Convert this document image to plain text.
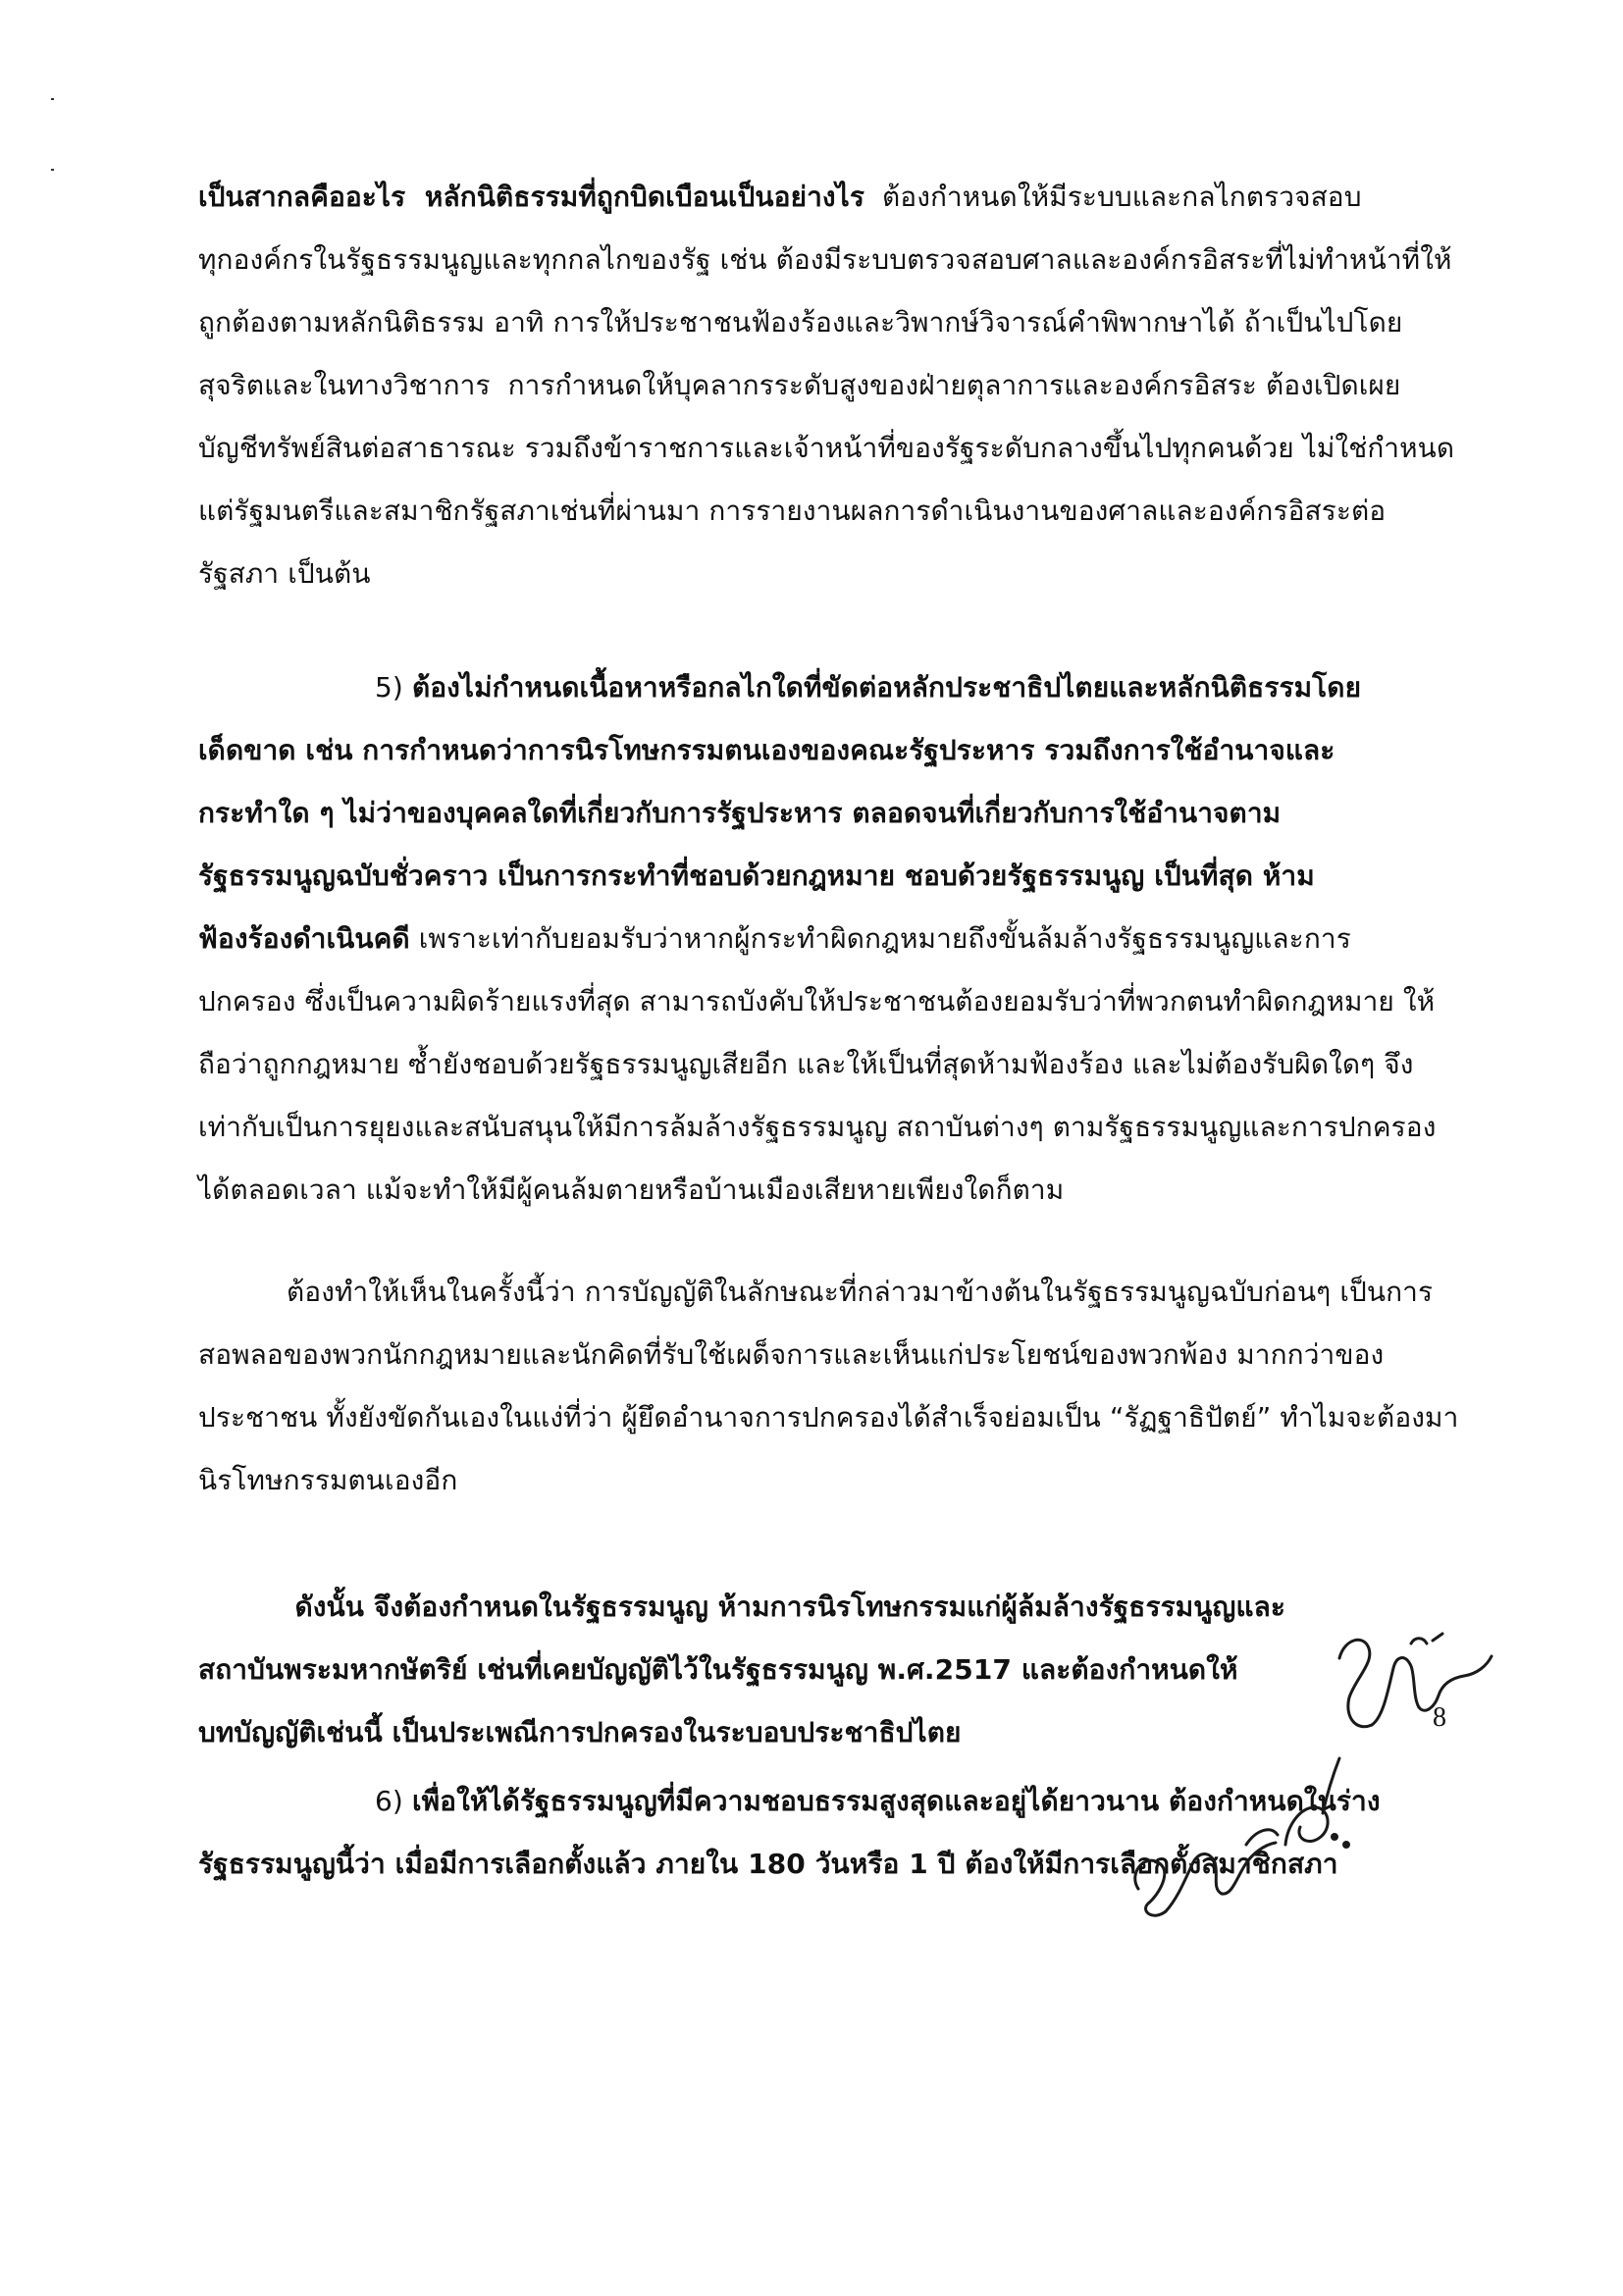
เป็นสากลคืออะไร  หลักนิติธรรมที่ถูกบิดเบือนเป็นอย่างไร  ต้องกำหนดให้มีระบบและกลไกตรวจสอบ
ทุกองค์กรในรัฐธรรมนูญและทุกกลไกของรัฐ เช่น ต้องมีระบบตรวจสอบศาลและองค์กรอิสระที่ไม่ทำหน้าที่ให้
ถูกต้องตามหลักนิติธรรม อาทิ การให้ประชาชนฟ้องร้องและวิพากษ์วิจารณ์คำพิพากษาได้ ถ้าเป็นไปโดย
สุจริตและในทางวิชาการ  การกำหนดให้บุคลากรระดับสูงของฝ่ายตุลาการและองค์กรอิสระ ต้องเปิดเผย
บัญชีทรัพย์สินต่อสาธารณะ รวมถึงข้าราชการและเจ้าหน้าที่ของรัฐระดับกลางขึ้นไปทุกคนด้วย ไม่ใช่กำหนด
แต่รัฐมนตรีและสมาชิกรัฐสภาเช่นที่ผ่านมา การรายงานผลการดำเนินงานของศาลและองค์กรอิสระต่อ
รัฐสภา เป็นต้น
5) ต้องไม่กำหนดเนื้อหาหรือกลไกใดที่ขัดต่อหลักประชาธิปไตยและหลักนิติธรรมโดย
เด็ดขาด เช่น การกำหนดว่าการนิรโทษกรรมตนเองของคณะรัฐประหาร รวมถึงการใช้อำนาจและ
กระทำใด ๆ ไม่ว่าของบุคคลใดที่เกี่ยวกับการรัฐประหาร ตลอดจนที่เกี่ยวกับการใช้อำนาจตาม
รัฐธรรมนูญฉบับชั่วคราว เป็นการกระทำที่ชอบด้วยกฎหมาย ชอบด้วยรัฐธรรมนูญ เป็นที่สุด ห้าม
ฟ้องร้องดำเนินคดี เพราะเท่ากับยอมรับว่าหากผู้กระทำผิดกฎหมายถึงขั้นล้มล้างรัฐธรรมนูญและการ
ปกครอง ซึ่งเป็นความผิดร้ายแรงที่สุด สามารถบังคับให้ประชาชนต้องยอมรับว่าที่พวกตนทำผิดกฎหมาย ให้
ถือว่าถูกกฎหมาย ซ้ำยังชอบด้วยรัฐธรรมนูญเสียอีก และให้เป็นที่สุดห้ามฟ้องร้อง และไม่ต้องรับผิดใดๆ จึง
เท่ากับเป็นการยุยงและสนับสนุนให้มีการล้มล้างรัฐธรรมนูญ สถาบันต่างๆ ตามรัฐธรรมนูญและการปกครอง
ได้ตลอดเวลา แม้จะทำให้มีผู้คนล้มตายหรือบ้านเมืองเสียหายเพียงใดก็ตาม
ต้องทำให้เห็นในครั้งนี้ว่า การบัญญัติในลักษณะที่กล่าวมาข้างต้นในรัฐธรรมนูญฉบับก่อนๆ เป็นการ
สอพลอของพวกนักกฎหมายและนักคิดที่รับใช้เผด็จการและเห็นแก่ประโยชน์ของพวกพ้อง มากกว่าของ
ประชาชน ทั้งยังขัดกันเองในแง่ที่ว่า ผู้ยึดอำนาจการปกครองได้สำเร็จย่อมเป็น “รัฏฐาธิปัตย์” ทำไมจะต้องมา
นิรโทษกรรมตนเองอีก
ดังนั้น จึงต้องกำหนดในรัฐธรรมนูญ ห้ามการนิรโทษกรรมแก่ผู้ล้มล้างรัฐธรรมนูญและ
สถาบันพระมหากษัตริย์ เช่นที่เคยบัญญัติไว้ในรัฐธรรมนูญ พ.ศ.2517 และต้องกำหนดให้
บทบัญญัติเช่นนี้ เป็นประเพณีการปกครองในระบอบประชาธิปไตย
6) เพื่อให้ได้รัฐธรรมนูญที่มีความชอบธรรมสูงสุดและอยู่ได้ยาวนาน ต้องกำหนดในร่าง
รัฐธรรมนูญนี้ว่า เมื่อมีการเลือกตั้งแล้ว ภายใน 180 วันหรือ 1 ปี ต้องให้มีการเลือกตั้งสมาชิกสภา
8
